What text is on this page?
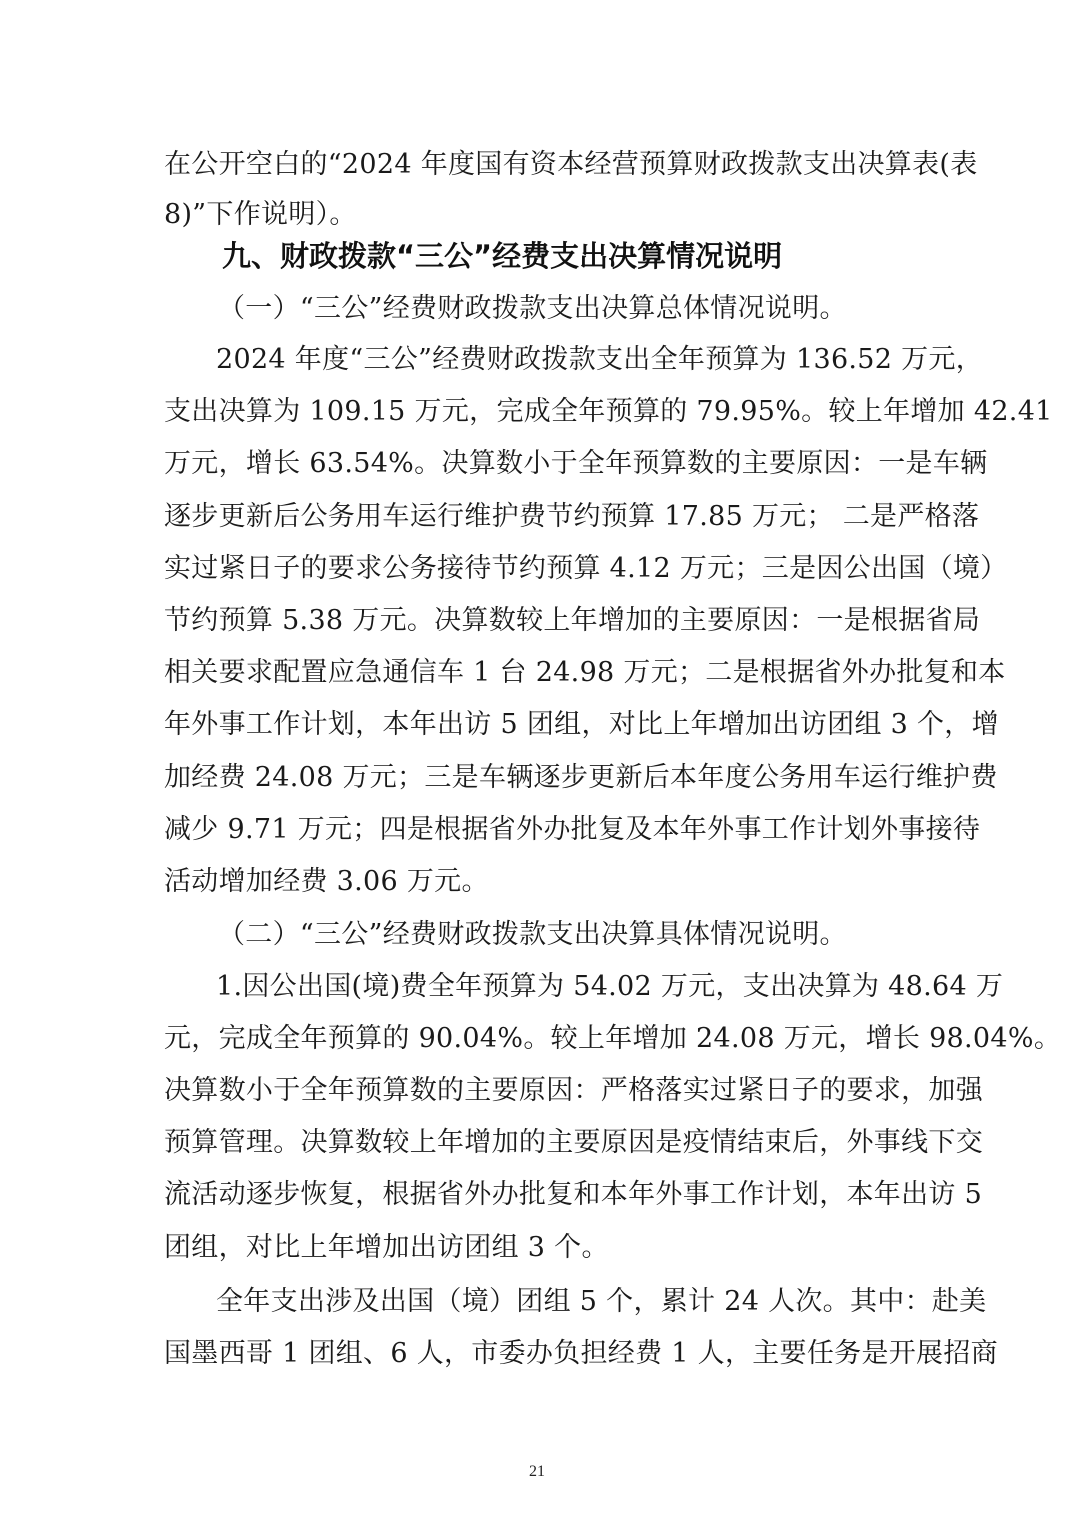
在公开空白的“2024 年度国有资本经营预算财政拨款支出决算表(表
8)”下作说明）。
九、财政拨款“三公”经费支出决算情况说明
（一）“三公”经费财政拨款支出决算总体情况说明。
2024 年度“三公”经费财政拨款支出全年预算为 136.52 万元，
支出决算为 109.15 万元，完成全年预算的 79.95%。较上年增加 42.41
万元，增长 63.54%。决算数小于全年预算数的主要原因：一是车辆
逐步更新后公务用车运行维护费节约预算 17.85 万元； 二是严格落
实过紧日子的要求公务接待节约预算 4.12 万元；三是因公出国（境）
节约预算 5.38 万元。决算数较上年增加的主要原因：一是根据省局
相关要求配置应急通信车 1 台 24.98 万元；二是根据省外办批复和本
年外事工作计划，本年出访 5 团组，对比上年增加出访团组 3 个，增
加经费 24.08 万元；三是车辆逐步更新后本年度公务用车运行维护费
减少 9.71 万元；四是根据省外办批复及本年外事工作计划外事接待
活动增加经费 3.06 万元。
（二）“三公”经费财政拨款支出决算具体情况说明。
1.因公出国(境)费全年预算为 54.02 万元，支出决算为 48.64 万
元，完成全年预算的 90.04%。较上年增加 24.08 万元，增长 98.04%。
决算数小于全年预算数的主要原因：严格落实过紧日子的要求，加强
预算管理。决算数较上年增加的主要原因是疫情结束后，外事线下交
流活动逐步恢复，根据省外办批复和本年外事工作计划，本年出访 5
团组，对比上年增加出访团组 3 个。
全年支出涉及出国（境）团组 5 个，累计 24 人次。其中：赴美
国墨西哥 1 团组、6 人，市委办负担经费 1 人，主要任务是开展招商
21
